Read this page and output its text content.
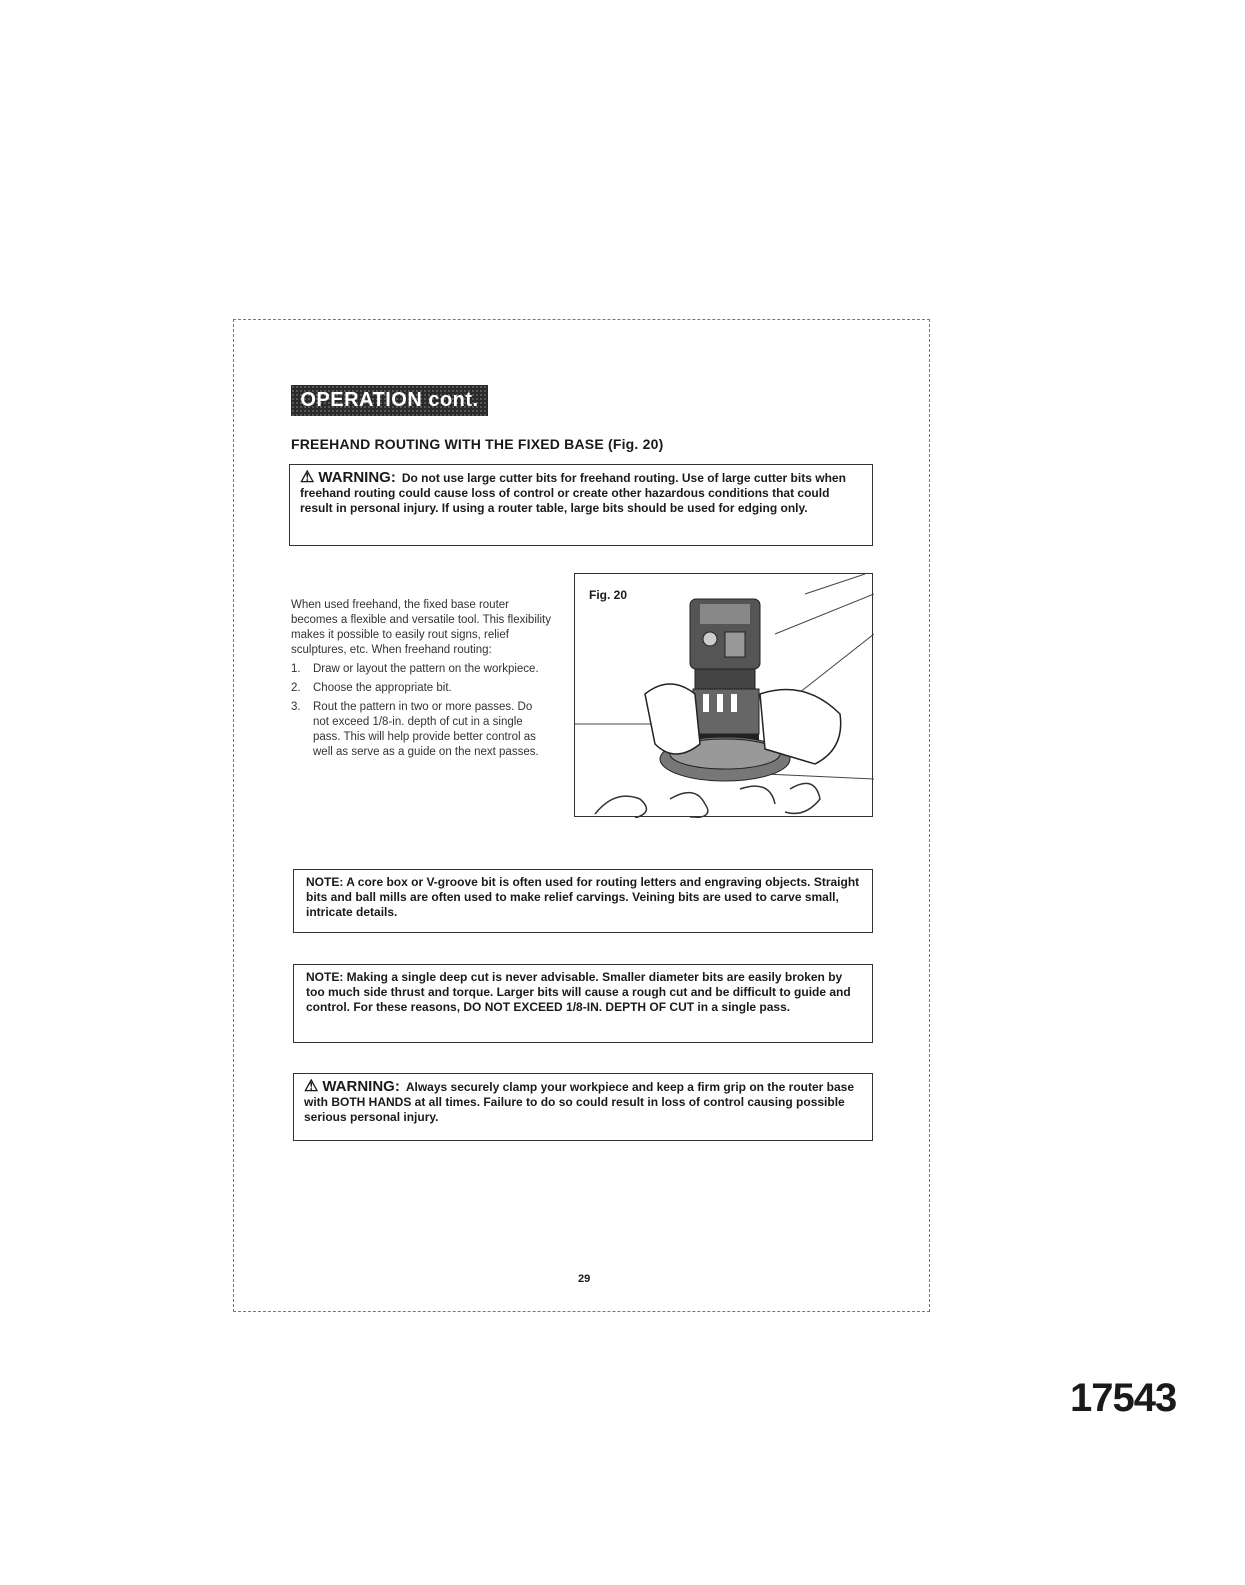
OPERATION cont.
FREEHAND ROUTING WITH THE FIXED BASE (Fig. 20)
⚠ WARNING: Do not use large cutter bits for freehand routing. Use of large cutter bits when freehand routing could cause loss of control or create other hazardous conditions that could result in personal injury. If using a router table, large bits should be used for edging only.

When used freehand, the fixed base router becomes a flexible and versatile tool. This flexibility makes it possible to easily rout signs, relief sculptures, etc. When freehand routing:

1. Draw or layout the pattern on the workpiece.
2. Choose the appropriate bit.
3. Rout the pattern in two or more passes. Do not exceed 1/8-in. depth of cut in a single pass. This will help provide better control as well as serve as a guide on the next passes.
Fig. 20
NOTE: A core box or V-groove bit is often used for routing letters and engraving objects. Straight bits and ball mills are often used to make relief carvings. Veining bits are used to carve small, intricate details.
NOTE: Making a single deep cut is never advisable. Smaller diameter bits are easily broken by too much side thrust and torque. Larger bits will cause a rough cut and be difficult to guide and control. For these reasons, DO NOT EXCEED 1/8-IN. DEPTH OF CUT in a single pass.
⚠ WARNING: Always securely clamp your workpiece and keep a firm grip on the router base with BOTH HANDS at all times. Failure to do so could result in loss of control causing possible serious personal injury.
29
17543
